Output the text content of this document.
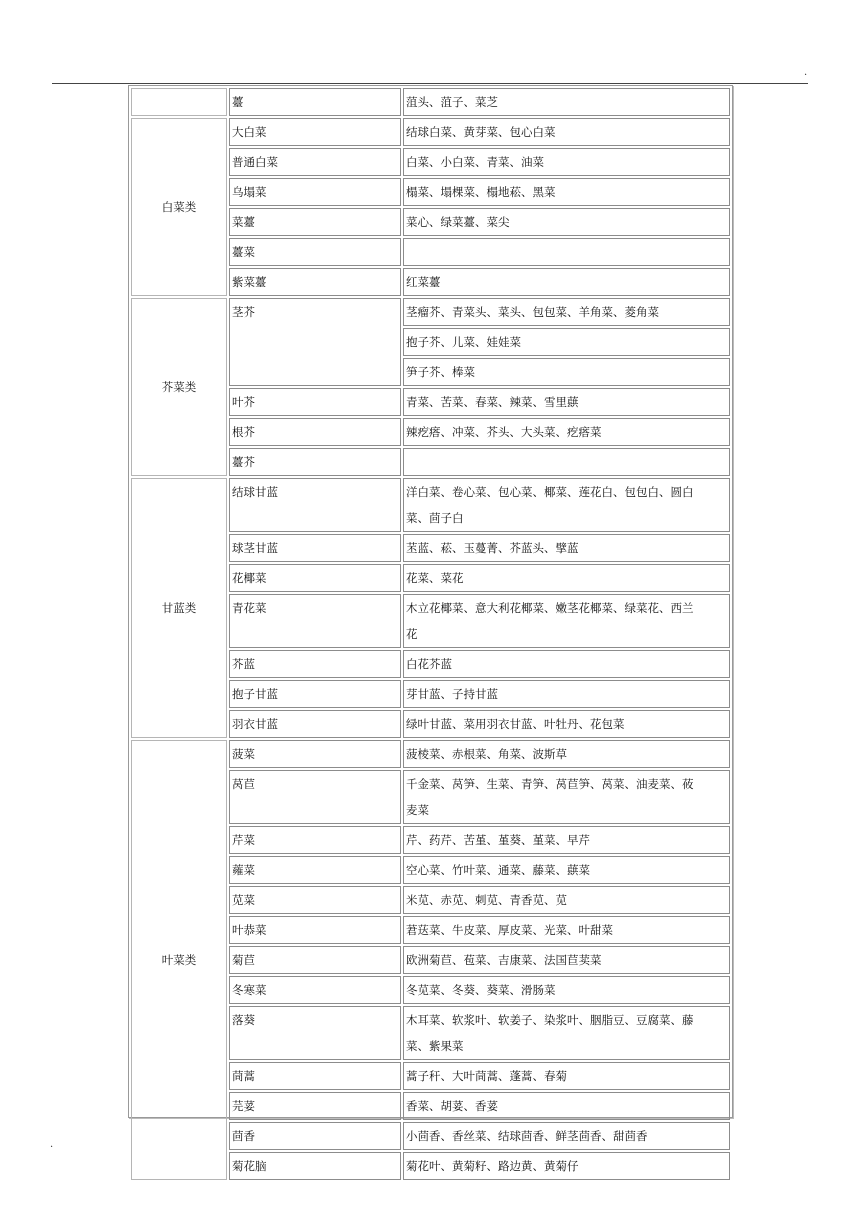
.
.
	薹	菹头、菹子、菜芝
白菜类	大白菜	结球白菜、黄芽菜、包心白菜
	普通白菜	白菜、小白菜、青菜、油菜
	乌塌菜	榻菜、塌棵菜、榻地菘、黑菜
	菜薹	菜心、绿菜薹、菜尖
	薹菜	
	紫菜薹	红菜薹
芥菜类	茎芥	茎瘤芥、青菜头、菜头、包包菜、羊角菜、菱角菜
		抱子芥、儿菜、娃娃菜
		笋子芥、棒菜
	叶芥	青菜、苦菜、春菜、辣菜、雪里蕻
	根芥	辣疙瘩、冲菜、芥头、大头菜、疙瘩菜
	薹芥	
甘蓝类	结球甘蓝	洋白菜、卷心菜、包心菜、椰菜、莲花白、包包白、圆白菜、茴子白
	球茎甘蓝	苤蓝、菘、玉蔓菁、芥蓝头、擘蓝
	花椰菜	花菜、菜花
	青花菜	木立花椰菜、意大利花椰菜、嫩茎花椰菜、绿菜花、西兰花
	芥蓝	白花芥蓝
	抱子甘蓝	芽甘蓝、子持甘蓝
	羽衣甘蓝	绿叶甘蓝、菜用羽衣甘蓝、叶牡丹、花包菜
叶菜类	菠菜	菠棱菜、赤根菜、角菜、波斯草
	莴苣	千金菜、莴笋、生菜、青笋、莴苣笋、莴菜、油麦菜、莜麦菜
	芹菜	芹、药芹、苦堇、堇葵、堇菜、早芹
	蕹菜	空心菜、竹叶菜、通菜、藤菜、蕻菜
	苋菜	米苋、赤苋、刺苋、青香苋、苋
	叶恭菜	莙荙菜、牛皮菜、厚皮菜、光菜、叶甜菜
	菊苣	欧洲菊苣、苞菜、吉康菜、法国苣荬菜
	冬寒菜	冬苋菜、冬葵、葵菜、滑肠菜
	落葵	木耳菜、软浆叶、软姜子、染浆叶、胭脂豆、豆腐菜、藤菜、紫果菜
	茼蒿	蒿子秆、大叶茼蒿、蓬蒿、春菊
	芫荽	香菜、胡荽、香荽
	茴香	小茴香、香丝菜、结球茴香、鲜茎茴香、甜茴香
	菊花脑	菊花叶、黄菊籽、路边黄、黄菊仔
